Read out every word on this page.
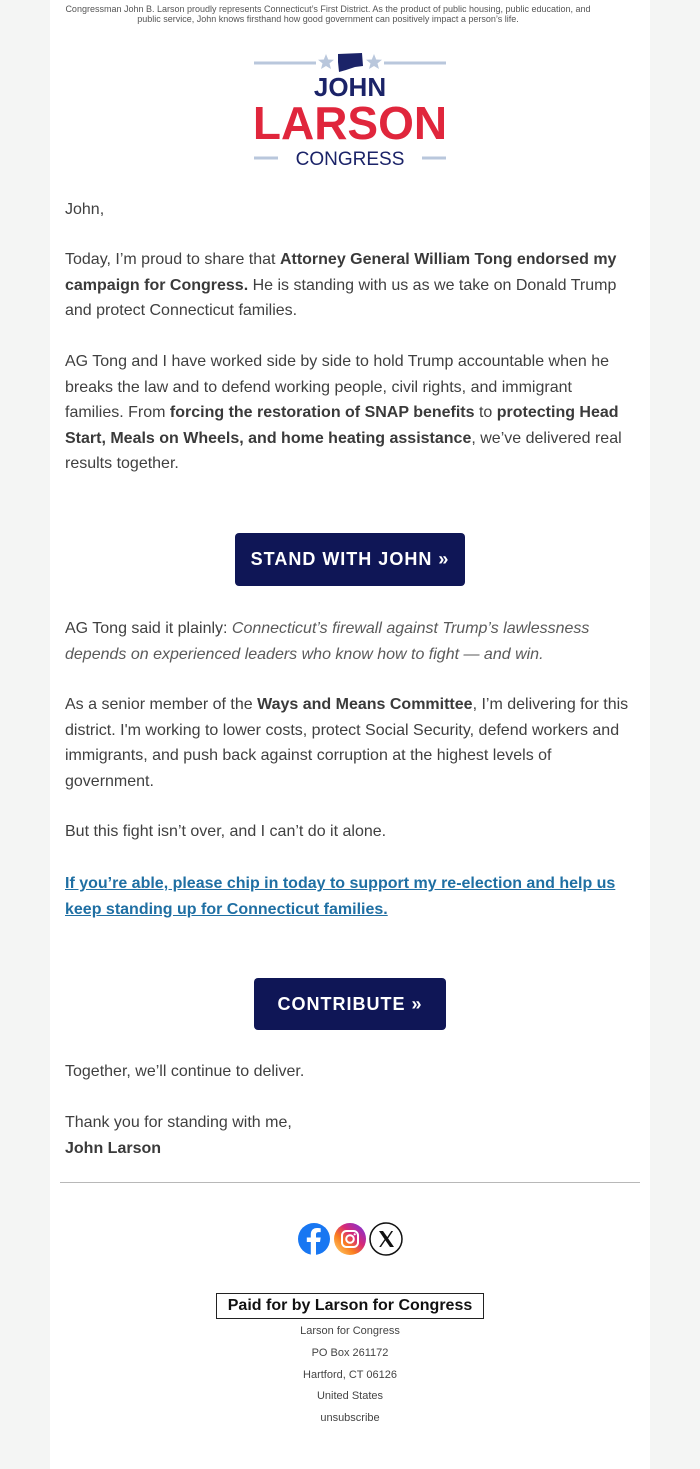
Congressman John B. Larson proudly represents Connecticut’s First District. As the product of public housing, public education, and public service, John knows firsthand how good government can positively impact a person’s life.
JOHN
LARSON
CONGRESS
John,
Today, I’m proud to share that Attorney General William Tong endorsed my campaign for Congress. He is standing with us as we take on Donald Trump and protect Connecticut families.
AG Tong and I have worked side by side to hold Trump accountable when he breaks the law and to defend working people, civil rights, and immigrant families. From forcing the restoration of SNAP benefits to protecting Head Start, Meals on Wheels, and home heating assistance, we’ve delivered real results together.
STAND WITH JOHN »
AG Tong said it plainly: Connecticut’s firewall against Trump’s lawlessness depends on experienced leaders who know how to fight — and win.
As a senior member of the Ways and Means Committee, I’m delivering for this district. I'm working to lower costs, protect Social Security, defend workers and immigrants, and push back against corruption at the highest levels of government.
But this fight isn’t over, and I can’t do it alone.
If you’re able, please chip in today to support my re-election and help us keep standing up for Connecticut families.
CONTRIBUTE »
Together, we’ll continue to deliver.
Thank you for standing with me,
John Larson
Paid for by Larson for Congress
Larson for Congress
PO Box 261172
Hartford, CT 06126
United States
unsubscribe
